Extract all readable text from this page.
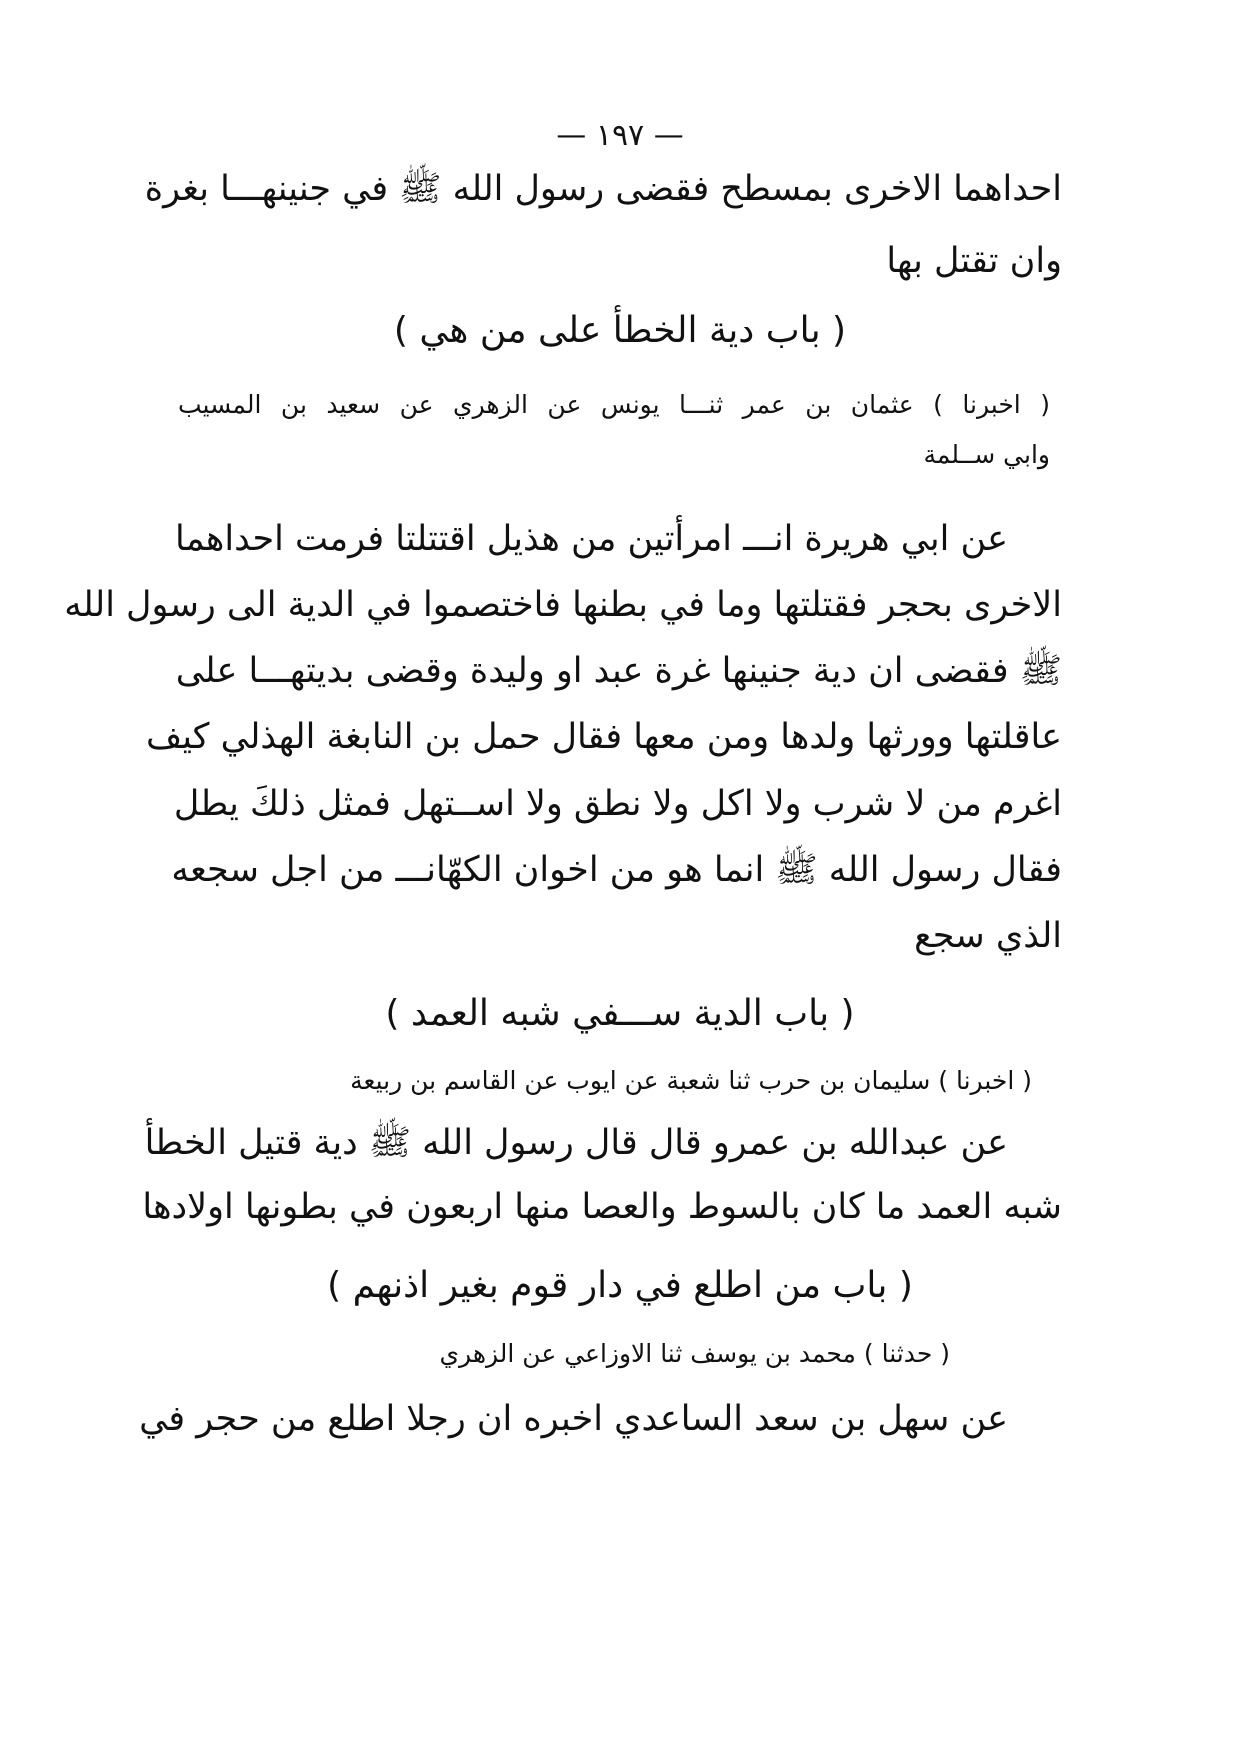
— ١٩٧ —
احداهما الاخرى بمسطح فقضى رسول الله ﷺ في جنينهـــا بغرة
وان تقتل بها
( باب دية الخطأ على من هي )
( اخبرنا ) عثمان بن عمر ثنـــا يونس عن الزهري عن سعيد بن المسيب
وابي ســلمة
عن ابي هريرة انـــ امرأتين من هذيل اقتتلتا فرمت احداهما
الاخرى بحجر فقتلتها وما في بطنها فاختصموا في الدية الى رسول الله
ﷺ فقضى ان دية جنينها غرة عبد او وليدة وقضى بديتهـــا على
عاقلتها وورثها ولدها ومن معها فقال حمل بن النابغة الهذلي كيف
اغرم من لا شرب ولا اكل ولا نطق ولا اســتهل فمثل ذلكَ يطل
فقال رسول الله ﷺ انما هو من اخوان الكهّانـــ من اجل سجعه
الذي سجع
( باب الدية ســـفي شبه العمد )
( اخبرنا ) سليمان بن حرب ثنا شعبة عن ايوب عن القاسم بن ربيعة
عن عبدالله بن عمرو قال قال رسول الله ﷺ دية قتيل الخطأ
شبه العمد ما كان بالسوط والعصا منها اربعون في بطونها اولادها
( باب من اطلع في دار قوم بغير اذنهم )
( حدثنا ) محمد بن يوسف ثنا الاوزاعي عن الزهري
عن سهل بن سعد الساعدي اخبره ان رجلا اطلع من حجر في
